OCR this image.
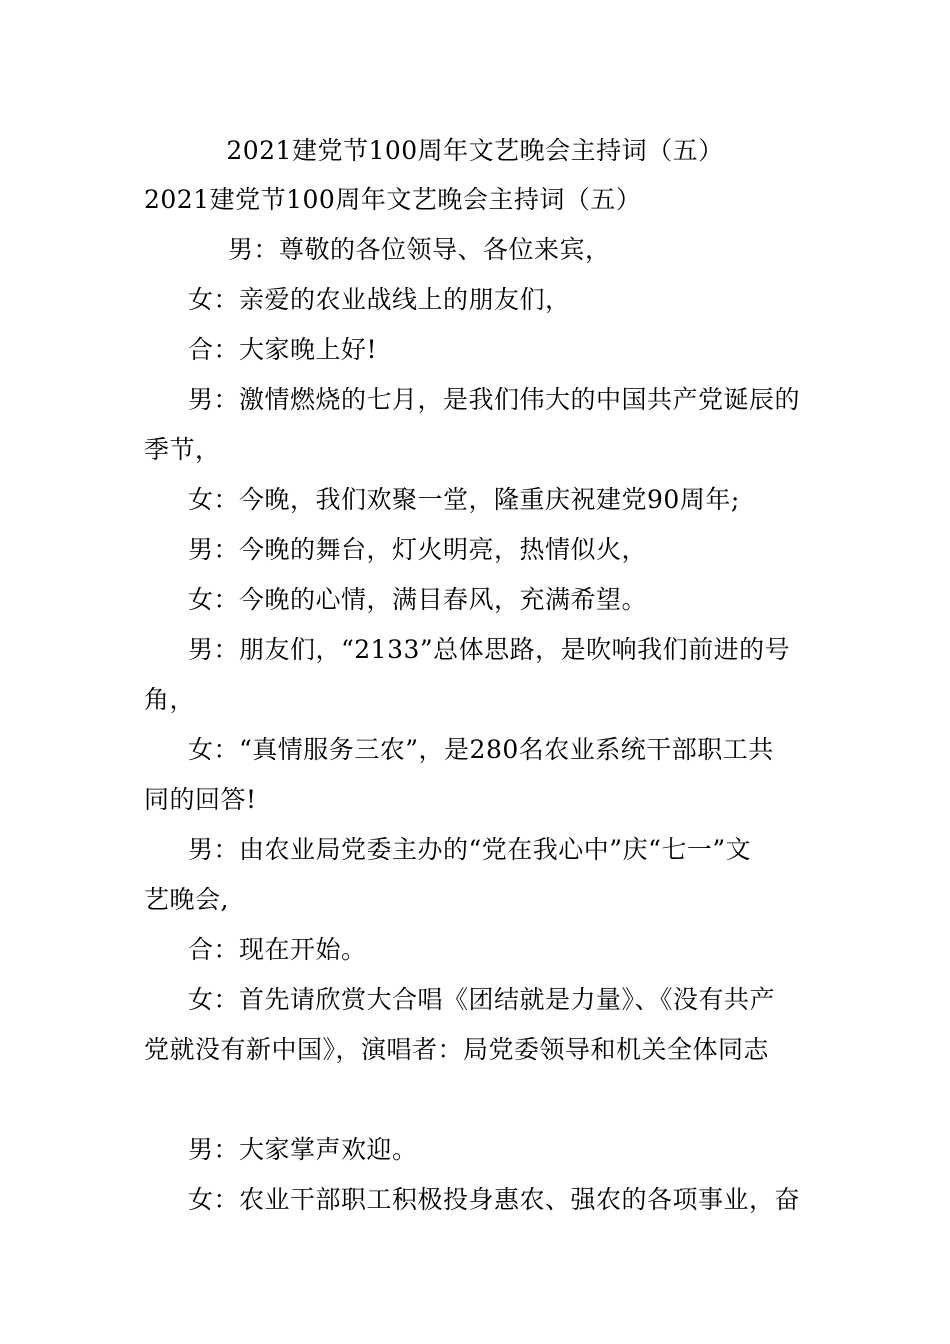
2021建党节100周年文艺晚会主持词（五）
2021建党节100周年文艺晚会主持词（五）
男：尊敬的各位领导、各位来宾，
女：亲爱的农业战线上的朋友们，
合：大家晚上好!
男：激情燃烧的七月，是我们伟大的中国共产党诞辰的
季节，
女：今晚，我们欢聚一堂，隆重庆祝建党90周年;
男：今晚的舞台，灯火明亮，热情似火，
女：今晚的心情，满目春风，充满希望。
男：朋友们，“2133”总体思路，是吹响我们前进的号
角，
女：“真情服务三农”，是280名农业系统干部职工共
同的回答!
男：由农业局党委主办的“党在我心中”庆“七一”文
艺晚会,
合：现在开始。
女：首先请欣赏大合唱《团结就是力量》、《没有共产
党就没有新中国》，演唱者：局党委领导和机关全体同志
男：大家掌声欢迎。
女：农业干部职工积极投身惠农、强农的各项事业，奋
